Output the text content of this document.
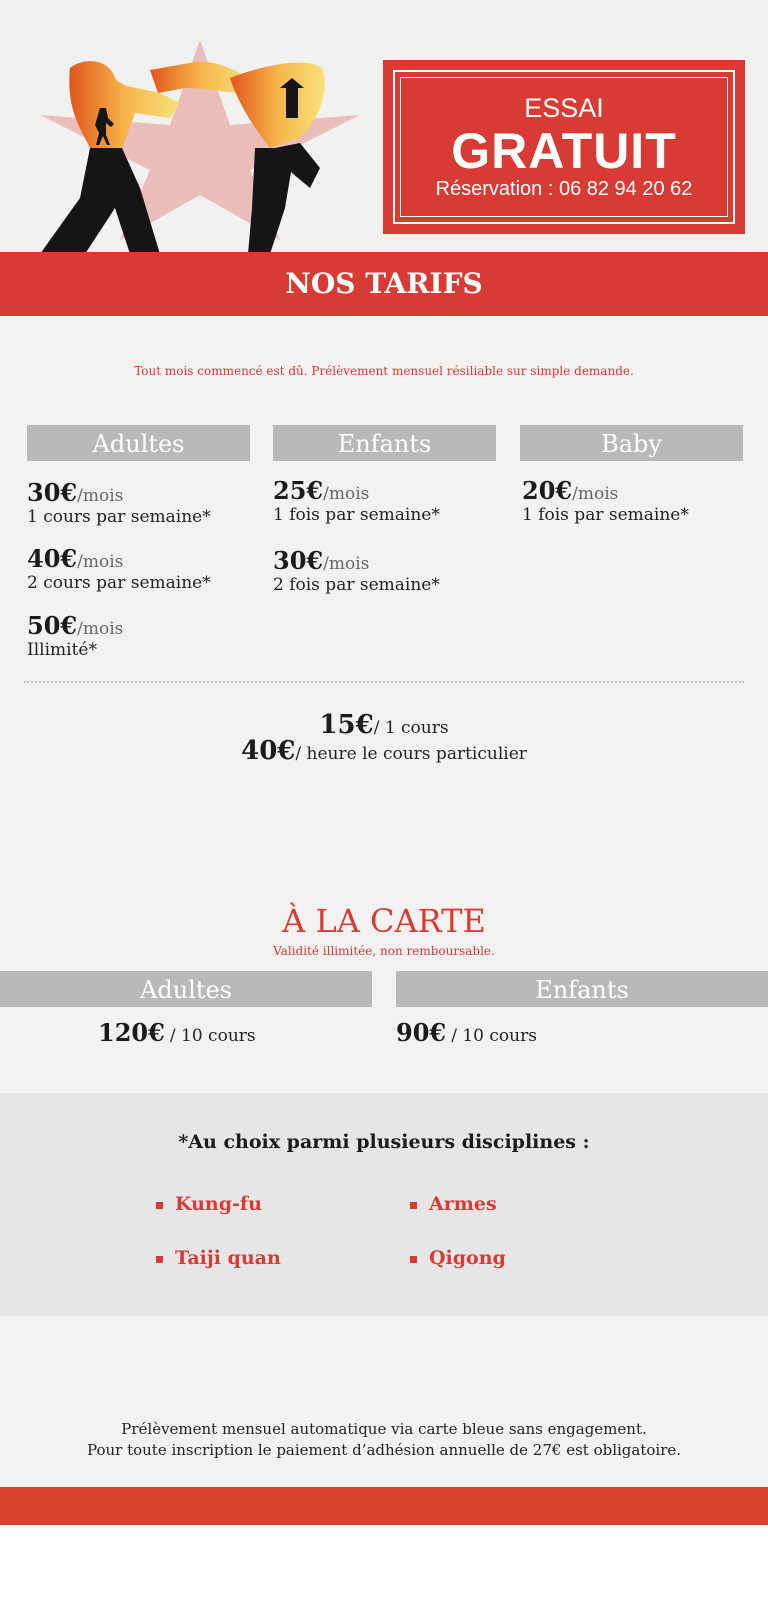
ESSAI
GRATUIT
Réservation : 06 82 94 20 62
NOS TARIFS
Tout mois commencé est dû. Prélèvement mensuel résiliable sur simple demande.
Adultes
30€/mois
1 cours par semaine*
40€/mois
2 cours par semaine*
50€/mois
Illimité*
Enfants
25€/mois
1 fois par semaine*
30€/mois
2 fois par semaine*
Baby
20€/mois
1 fois par semaine*
15€/ 1 cours
40€/ heure le cours particulier
À LA CARTE
Validité illimitée, non remboursable.
Adultes	Enfants
120€ / 10 cours	90€ / 10 cours
*Au choix parmi plusieurs disciplines :
Kung-fu	Armes
Taiji quan	Qigong
Prélèvement mensuel automatique via carte bleue sans engagement.
Pour toute inscription le paiement d’adhésion annuelle de 27€ est obligatoire.
